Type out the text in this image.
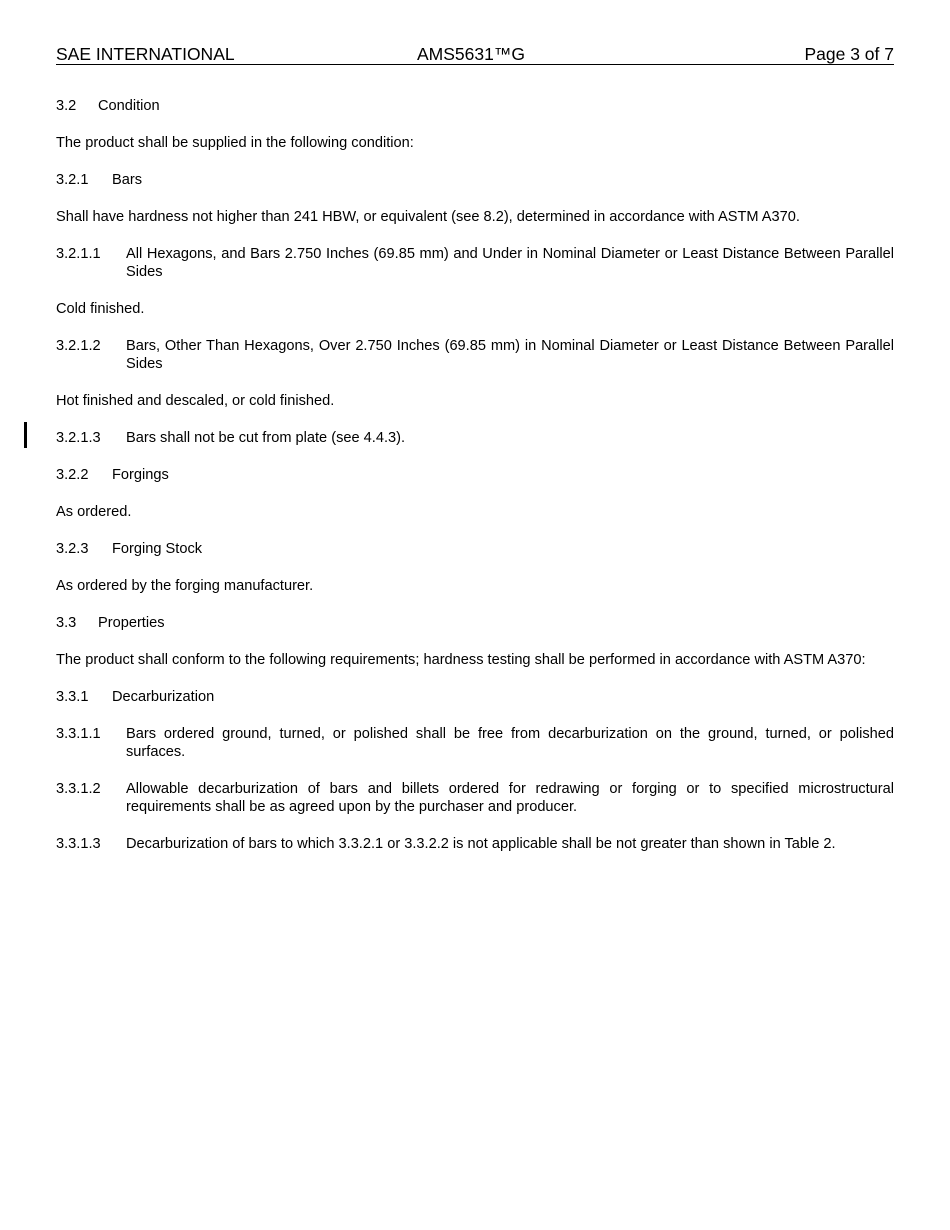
SAE INTERNATIONAL	AMS5631™G	Page 3 of 7
3.2 Condition
The product shall be supplied in the following condition:
3.2.1 Bars
Shall have hardness not higher than 241 HBW, or equivalent (see 8.2), determined in accordance with ASTM A370.
3.2.1.1 All Hexagons, and Bars 2.750 Inches (69.85 mm) and Under in Nominal Diameter or Least Distance Between Parallel Sides
Cold finished.
3.2.1.2 Bars, Other Than Hexagons, Over 2.750 Inches (69.85 mm) in Nominal Diameter or Least Distance Between Parallel Sides
Hot finished and descaled, or cold finished.
3.2.1.3 Bars shall not be cut from plate (see 4.4.3).
3.2.2 Forgings
As ordered.
3.2.3 Forging Stock
As ordered by the forging manufacturer.
3.3 Properties
The product shall conform to the following requirements; hardness testing shall be performed in accordance with ASTM A370:
3.3.1 Decarburization
3.3.1.1 Bars ordered ground, turned, or polished shall be free from decarburization on the ground, turned, or polished surfaces.
3.3.1.2 Allowable decarburization of bars and billets ordered for redrawing or forging or to specified microstructural requirements shall be as agreed upon by the purchaser and producer.
3.3.1.3 Decarburization of bars to which 3.3.2.1 or 3.3.2.2 is not applicable shall be not greater than shown in Table 2.
